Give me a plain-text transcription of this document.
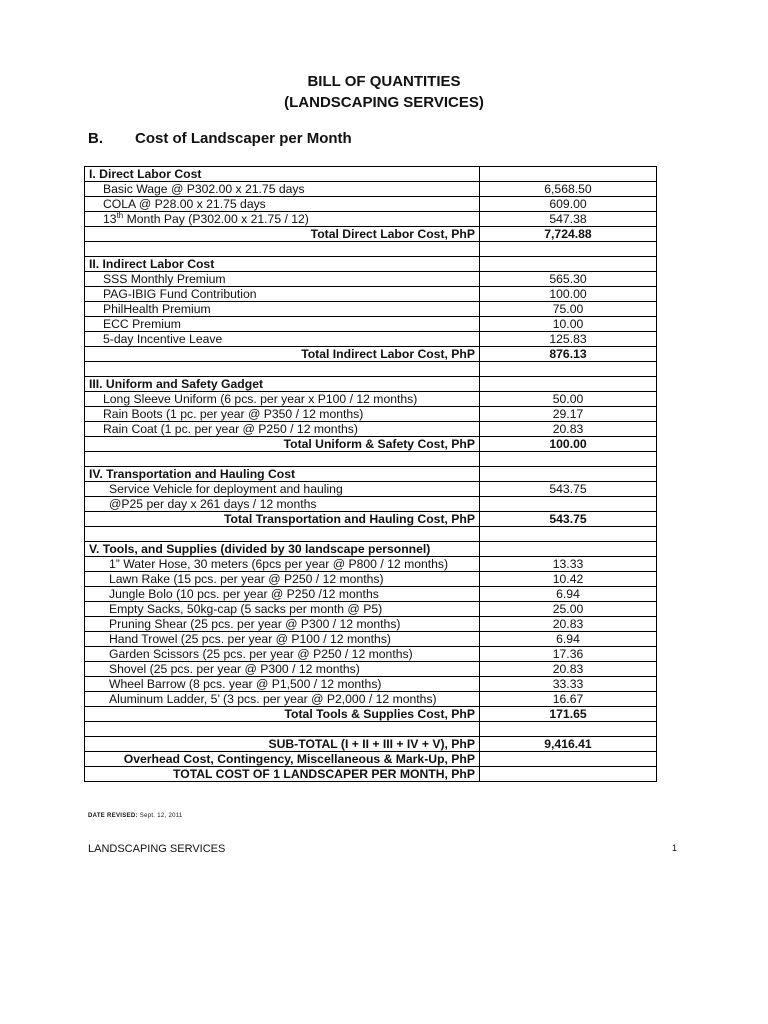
BILL OF QUANTITIES
(LANDSCAPING SERVICES)
B. Cost of Landscaper per Month
I. Direct Labor Cost	
Basic Wage @ P302.00 x 21.75 days	6,568.50
COLA @ P28.00 x 21.75 days	609.00
13th Month Pay (P302.00 x 21.75 / 12)	547.38
Total Direct Labor Cost, PhP	7,724.88

II. Indirect Labor Cost	
SSS Monthly Premium	565.30
PAG-IBIG Fund Contribution	100.00
PhilHealth Premium	75.00
ECC Premium	10.00
5-day Incentive Leave	125.83
Total Indirect Labor Cost, PhP	876.13

III. Uniform and Safety Gadget	
Long Sleeve Uniform (6 pcs. per year x P100 / 12 months)	50.00
Rain Boots (1 pc. per year @ P350 / 12 months)	29.17
Rain Coat (1 pc. per year @ P250 / 12 months)	20.83
Total Uniform & Safety Cost, PhP	100.00

IV. Transportation and Hauling Cost	
Service Vehicle for deployment and hauling	543.75
@P25 per day x 261 days / 12 months	
Total Transportation and Hauling Cost, PhP	543.75

V. Tools, and Supplies (divided by 30 landscape personnel)	
1” Water Hose, 30 meters (6pcs per year @ P800 / 12 months)	13.33
Lawn Rake (15 pcs. per year @ P250 / 12 months)	10.42
Jungle Bolo (10 pcs. per year @ P250 /12 months	6.94
Empty Sacks, 50kg-cap (5 sacks per month @ P5)	25.00
Pruning Shear (25 pcs. per year @ P300 / 12 months)	20.83
Hand Trowel (25 pcs. per year @ P100 / 12 months)	6.94
Garden Scissors (25 pcs. per year @ P250 / 12 months)	17.36
Shovel (25 pcs. per year @ P300 / 12 months)	20.83
Wheel Barrow (8 pcs. year @ P1,500 / 12 months)	33.33
Aluminum Ladder, 5’ (3 pcs. per year @ P2,000 / 12 months)	16.67
Total Tools & Supplies Cost, PhP	171.65

SUB-TOTAL (I + II + III + IV + V), PhP	9,416.41
Overhead Cost, Contingency, Miscellaneous & Mark-Up, PhP	
TOTAL COST OF 1 LANDSCAPER PER MONTH, PhP	
DATE REVISED: Sept. 12, 2011
LANDSCAPING SERVICES	1
